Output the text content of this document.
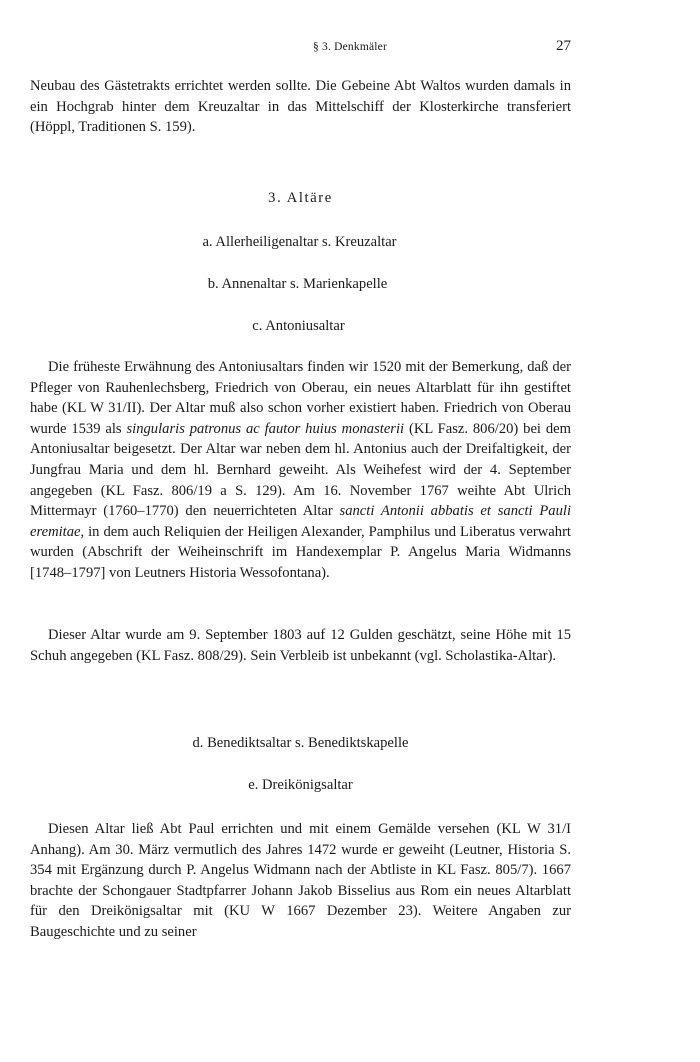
§ 3. Denkmäler	27

Neubau des Gästetrakts errichtet werden sollte. Die Gebeine Abt Waltos wurden damals in ein Hochgrab hinter dem Kreuzaltar in das Mittelschiff der Klosterkirche transferiert (Höppl, Traditionen S. 159).

3. Altäre
a. Allerheiligenaltar s. Kreuzaltar
b. Annenaltar s. Marienkapelle
c. Antoniusaltar

Die früheste Erwähnung des Antoniusaltars finden wir 1520 mit der Bemerkung, daß der Pfleger von Rauhenlechsberg, Friedrich von Oberau, ein neues Altarblatt für ihn gestiftet habe (KL W 31/II). Der Altar muß also schon vorher existiert haben. Friedrich von Oberau wurde 1539 als singularis patronus ac fautor huius monasterii (KL Fasz. 806/20) bei dem Antoniusaltar beigesetzt. Der Altar war neben dem hl. Antonius auch der Dreifaltigkeit, der Jungfrau Maria und dem hl. Bernhard geweiht. Als Weihefest wird der 4. September angegeben (KL Fasz. 806/19 a S. 129). Am 16. November 1767 weihte Abt Ulrich Mittermayr (1760–1770) den neuerrichteten Altar sancti Antonii abbatis et sancti Pauli eremitae, in dem auch Reliquien der Heiligen Alexander, Pamphilus und Liberatus verwahrt wurden (Abschrift der Weiheinschrift im Handexemplar P. Angelus Maria Widmanns [1748–1797] von Leutners Historia Wessofontana).

Dieser Altar wurde am 9. September 1803 auf 12 Gulden geschätzt, seine Höhe mit 15 Schuh angegeben (KL Fasz. 808/29). Sein Verbleib ist unbekannt (vgl. Scholastika-Altar).

d. Benediktsaltar s. Benediktskapelle
e. Dreikönigsaltar

Diesen Altar ließ Abt Paul errichten und mit einem Gemälde versehen (KL W 31/I Anhang). Am 30. März vermutlich des Jahres 1472 wurde er geweiht (Leutner, Historia S. 354 mit Ergänzung durch P. Angelus Widmann nach der Abtliste in KL Fasz. 805/7). 1667 brachte der Schongauer Stadtpfarrer Johann Jakob Bisselius aus Rom ein neues Altarblatt für den Dreikönigsaltar mit (KU W 1667 Dezember 23). Weitere Angaben zur Baugeschichte und zu seiner
